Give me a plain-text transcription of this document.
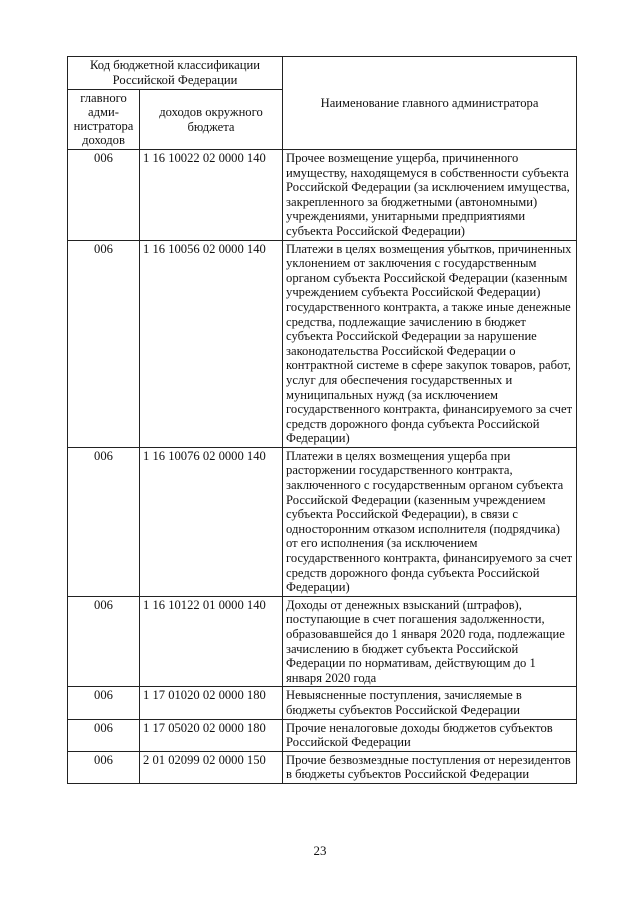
Код бюджетной классификации Российской Федерации		Наименование главного администратора
главного адми-нистратора доходов	доходов окружного бюджета	
006	1 16 10022 02 0000 140	Прочее возмещение ущерба, причиненного имуществу, находящемуся в собственности субъекта Российской Федерации (за исключением имущества, закрепленного за бюджетными (автономными) учреждениями, унитарными предприятиями субъекта Российской Федерации)
006	1 16 10056 02 0000 140	Платежи в целях возмещения убытков, причиненных уклонением от заключения с государственным органом субъекта Российской Федерации (казенным учреждением субъекта Российской Федерации) государственного контракта, а также иные денежные средства, подлежащие зачислению в бюджет субъекта Российской Федерации за нарушение законодательства Российской Федерации о контрактной системе в сфере закупок товаров, работ, услуг для обеспечения государственных и муниципальных нужд (за исключением государственного контракта, финансируемого за счет средств дорожного фонда субъекта Российской Федерации)
006	1 16 10076 02 0000 140	Платежи в целях возмещения ущерба при расторжении государственного контракта, заключенного с государственным органом субъекта Российской Федерации (казенным учреждением субъекта Российской Федерации), в связи с односторонним отказом исполнителя (подрядчика) от его исполнения (за исключением государственного контракта, финансируемого за счет средств дорожного фонда субъекта Российской Федерации)
006	1 16 10122 01 0000 140	Доходы от денежных взысканий (штрафов), поступающие в счет погашения задолженности, образовавшейся до 1 января 2020 года, подлежащие зачислению в бюджет субъекта Российской Федерации по нормативам, действующим до 1 января 2020 года
006	1 17 01020 02 0000 180	Невыясненные поступления, зачисляемые в бюджеты субъектов Российской Федерации
006	1 17 05020 02 0000 180	Прочие неналоговые доходы бюджетов субъектов Российской Федерации
006	2 01 02099 02 0000 150	Прочие безвозмездные поступления от нерезидентов в бюджеты субъектов Российской Федерации
23
